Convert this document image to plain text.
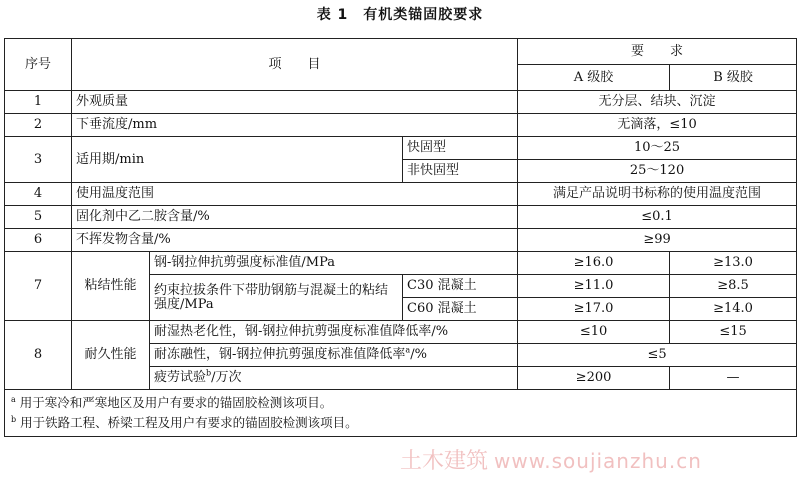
表 1　有机类锚固胶要求
序号	项　　目			要　　求	
				A 级胶	B 级胶
1	外观质量			无分层、结块、沉淀	
2	下垂流度/mm			无滴落，≤10	
3	适用期/min		快固型	10～25	
			非快固型	25～120	
4	使用温度范围			满足产品说明书标称的使用温度范围	
5	固化剂中乙二胺含量/%			≤0.1	
6	不挥发物含量/%			≥99	
7	粘结性能	钢-钢拉伸抗剪强度标准值/MPa		≥16.0	≥13.0
		约束拉拔条件下带肋钢筋与混凝土的粘结强度/MPa	C30 混凝土	≥11.0	≥8.5
			C60 混凝土	≥17.0	≥14.0
8	耐久性能	耐湿热老化性，钢-钢拉伸抗剪强度标准值降低率/%		≤10	≤15
		耐冻融性，钢-钢拉伸抗剪强度标准值降低率$^a$/%		≤5	
		疲劳试验$^b$/万次		≥200	—

$^a$ 用于寒冷和严寒地区及用户有要求的锚固胶检测该项目。
$^b$ 用于铁路工程、桥梁工程及用户有要求的锚固胶检测该项目。					
土木建筑 www.soujianzhu.cn
